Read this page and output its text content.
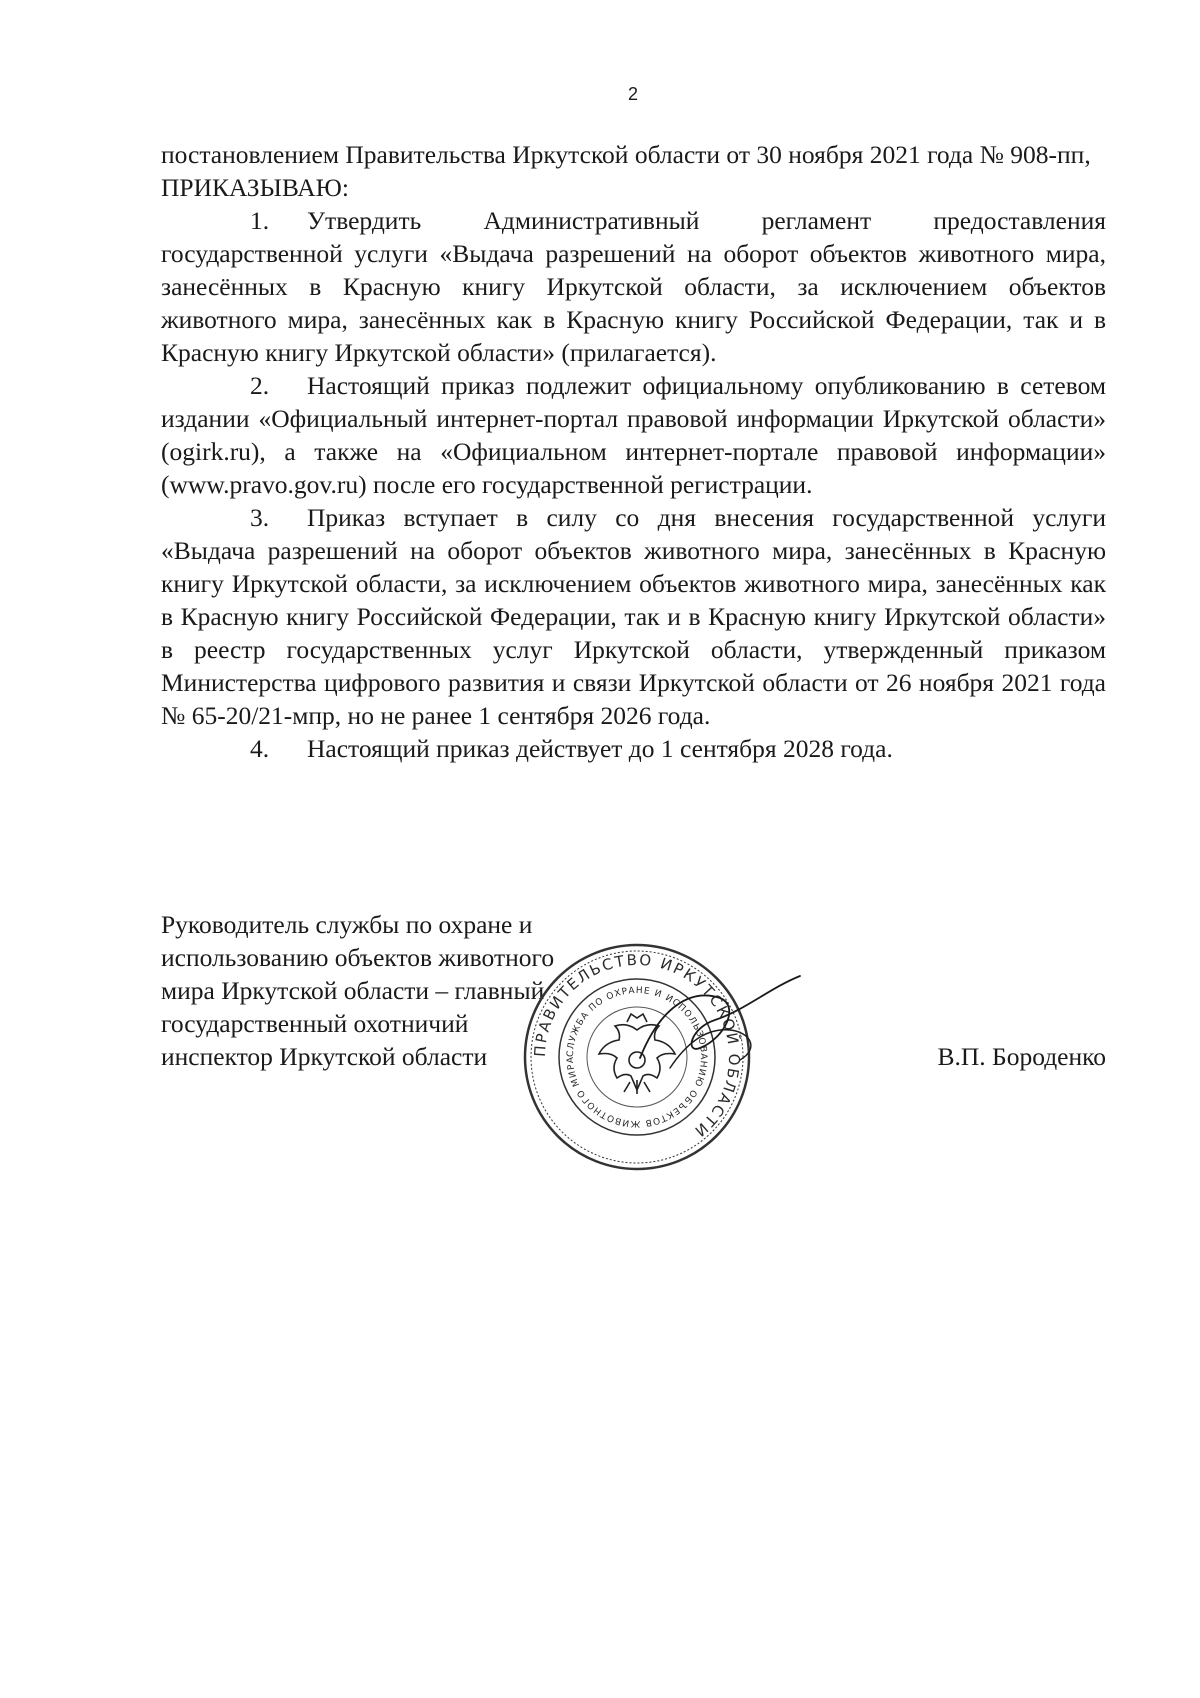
2

постановлением Правительства Иркутской области от 30 ноября 2021 года № 908-пп,

ПРИКАЗЫВАЮ:

1. Утвердить Административный регламент предоставления государственной услуги «Выдача разрешений на оборот объектов животного мира, занесённых в Красную книгу Иркутской области, за исключением объектов животного мира, занесённых как в Красную книгу Российской Федерации, так и в Красную книгу Иркутской области» (прилагается).

2. Настоящий приказ подлежит официальному опубликованию в сетевом издании «Официальный интернет-портал правовой информации Иркутской области» (ogirk.ru), а также на «Официальном интернет-портале правовой информации» (www.pravo.gov.ru) после его государственной регистрации.

3. Приказ вступает в силу со дня внесения государственной услуги «Выдача разрешений на оборот объектов животного мира, занесённых в Красную книгу Иркутской области, за исключением объектов животного мира, занесённых как в Красную книгу Российской Федерации, так и в Красную книгу Иркутской области» в реестр государственных услуг Иркутской области, утвержденный приказом Министерства цифрового развития и связи Иркутской области от 26 ноября 2021 года № 65-20/21-мпр, но не ранее 1 сентября 2026 года.

4. Настоящий приказ действует до 1 сентября 2028 года.

Руководитель службы по охране и
использованию объектов животного
мира Иркутской области – главный
государственный охотничий
инспектор Иркутской области	В.П. Бороденко
ПРАВИТЕЛЬСТВО ИРКУТСКОЙ ОБЛАСТИ
СЛУЖБА ПО ОХРАНЕ И ИСПОЛЬЗОВАНИЮ ОБЪЕКТОВ ЖИВОТНОГО МИРА
